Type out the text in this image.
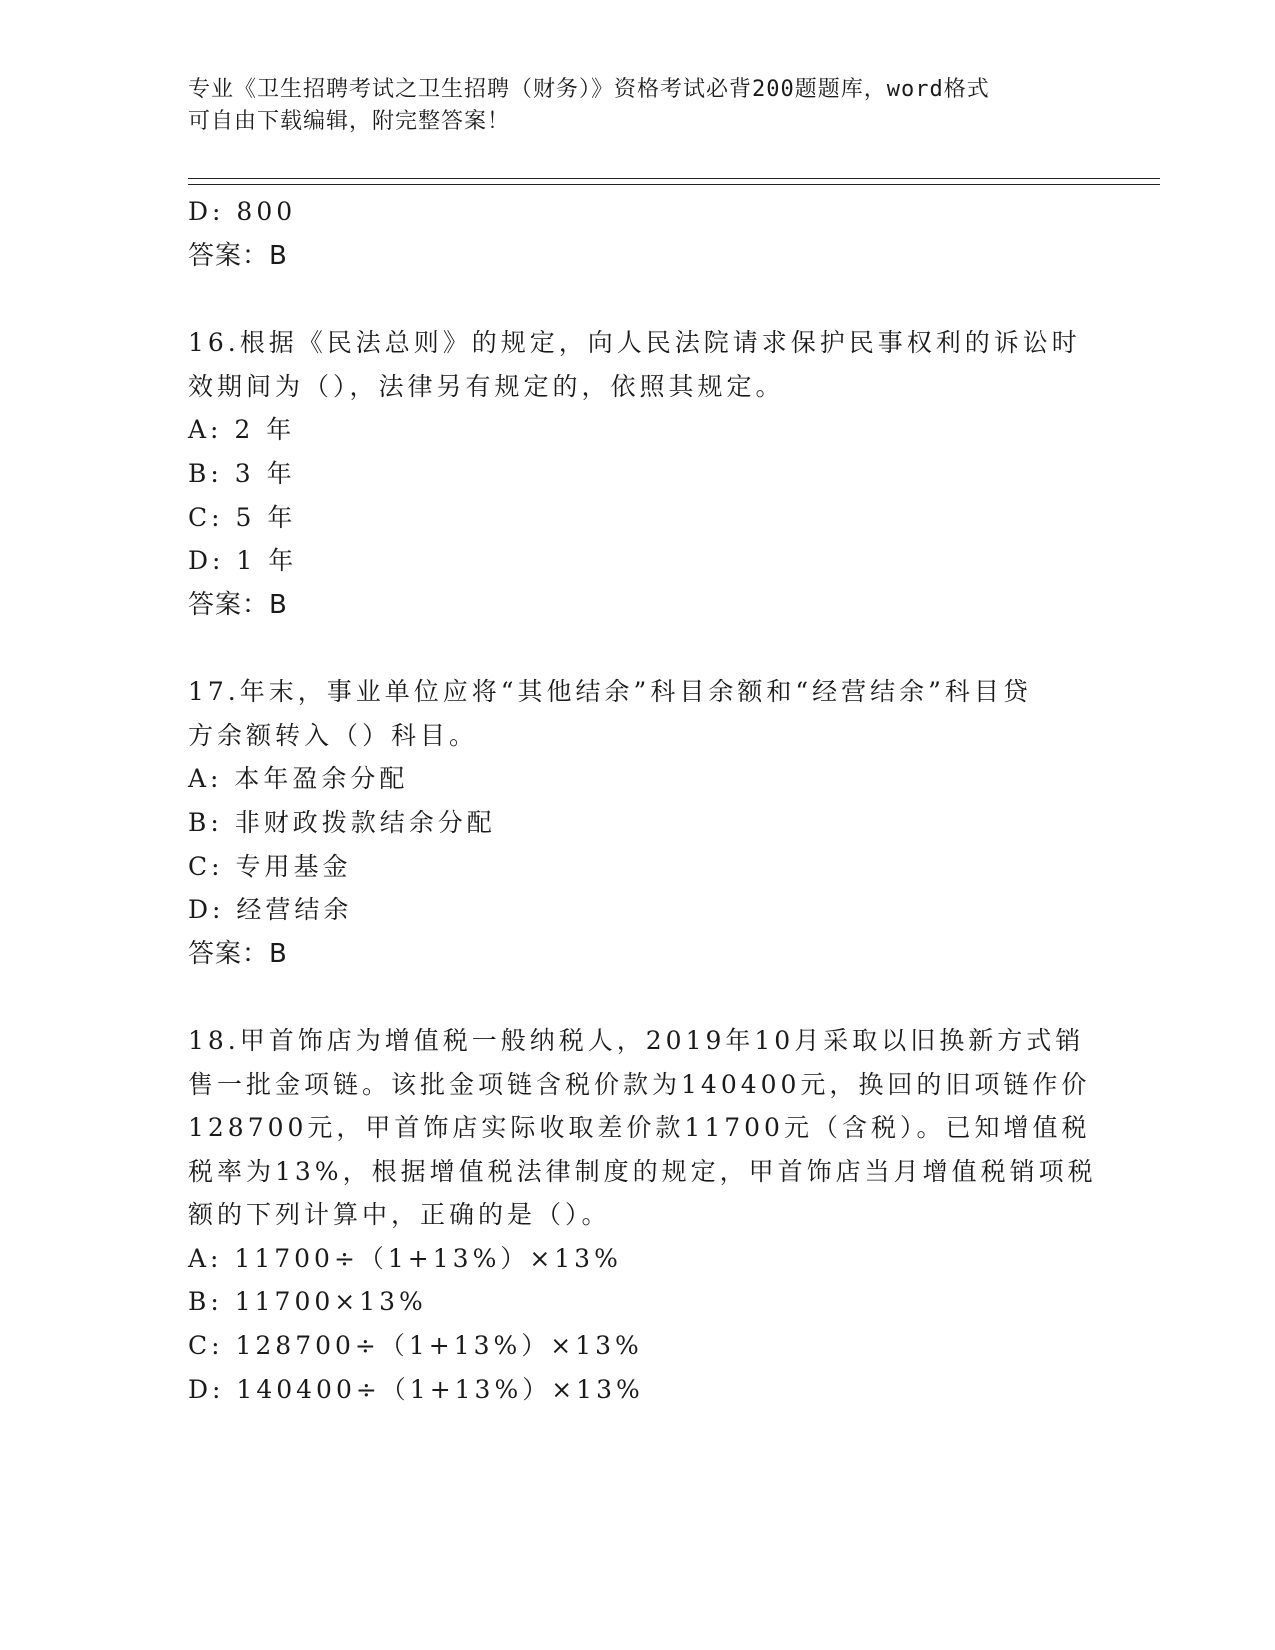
专业《卫生招聘考试之卫生招聘（财务）》资格考试必背200题题库，word格式
可自由下载编辑，附完整答案！
D: 800
答案：B
16.根据《民法总则》的规定，向人民法院请求保护民事权利的诉讼时
效期间为（），法律另有规定的，依照其规定。
A: 2 年
B: 3 年
C: 5 年
D: 1 年
答案：B
17.年末，事业单位应将“其他结余”科目余额和“经营结余”科目贷
方余额转入（）科目。
A: 本年盈余分配
B: 非财政拨款结余分配
C: 专用基金
D: 经营结余
答案：B
18.甲首饰店为增值税一般纳税人，2019年10月采取以旧换新方式销
售一批金项链。该批金项链含税价款为140400元，换回的旧项链作价
128700元，甲首饰店实际收取差价款11700元（含税）。已知增值税
税率为13%，根据增值税法律制度的规定，甲首饰店当月增值税销项税
额的下列计算中，正确的是（）。
A: 11700÷（1+13%）×13%
B: 11700×13%
C: 128700÷（1+13%）×13%
D: 140400÷（1+13%）×13%
